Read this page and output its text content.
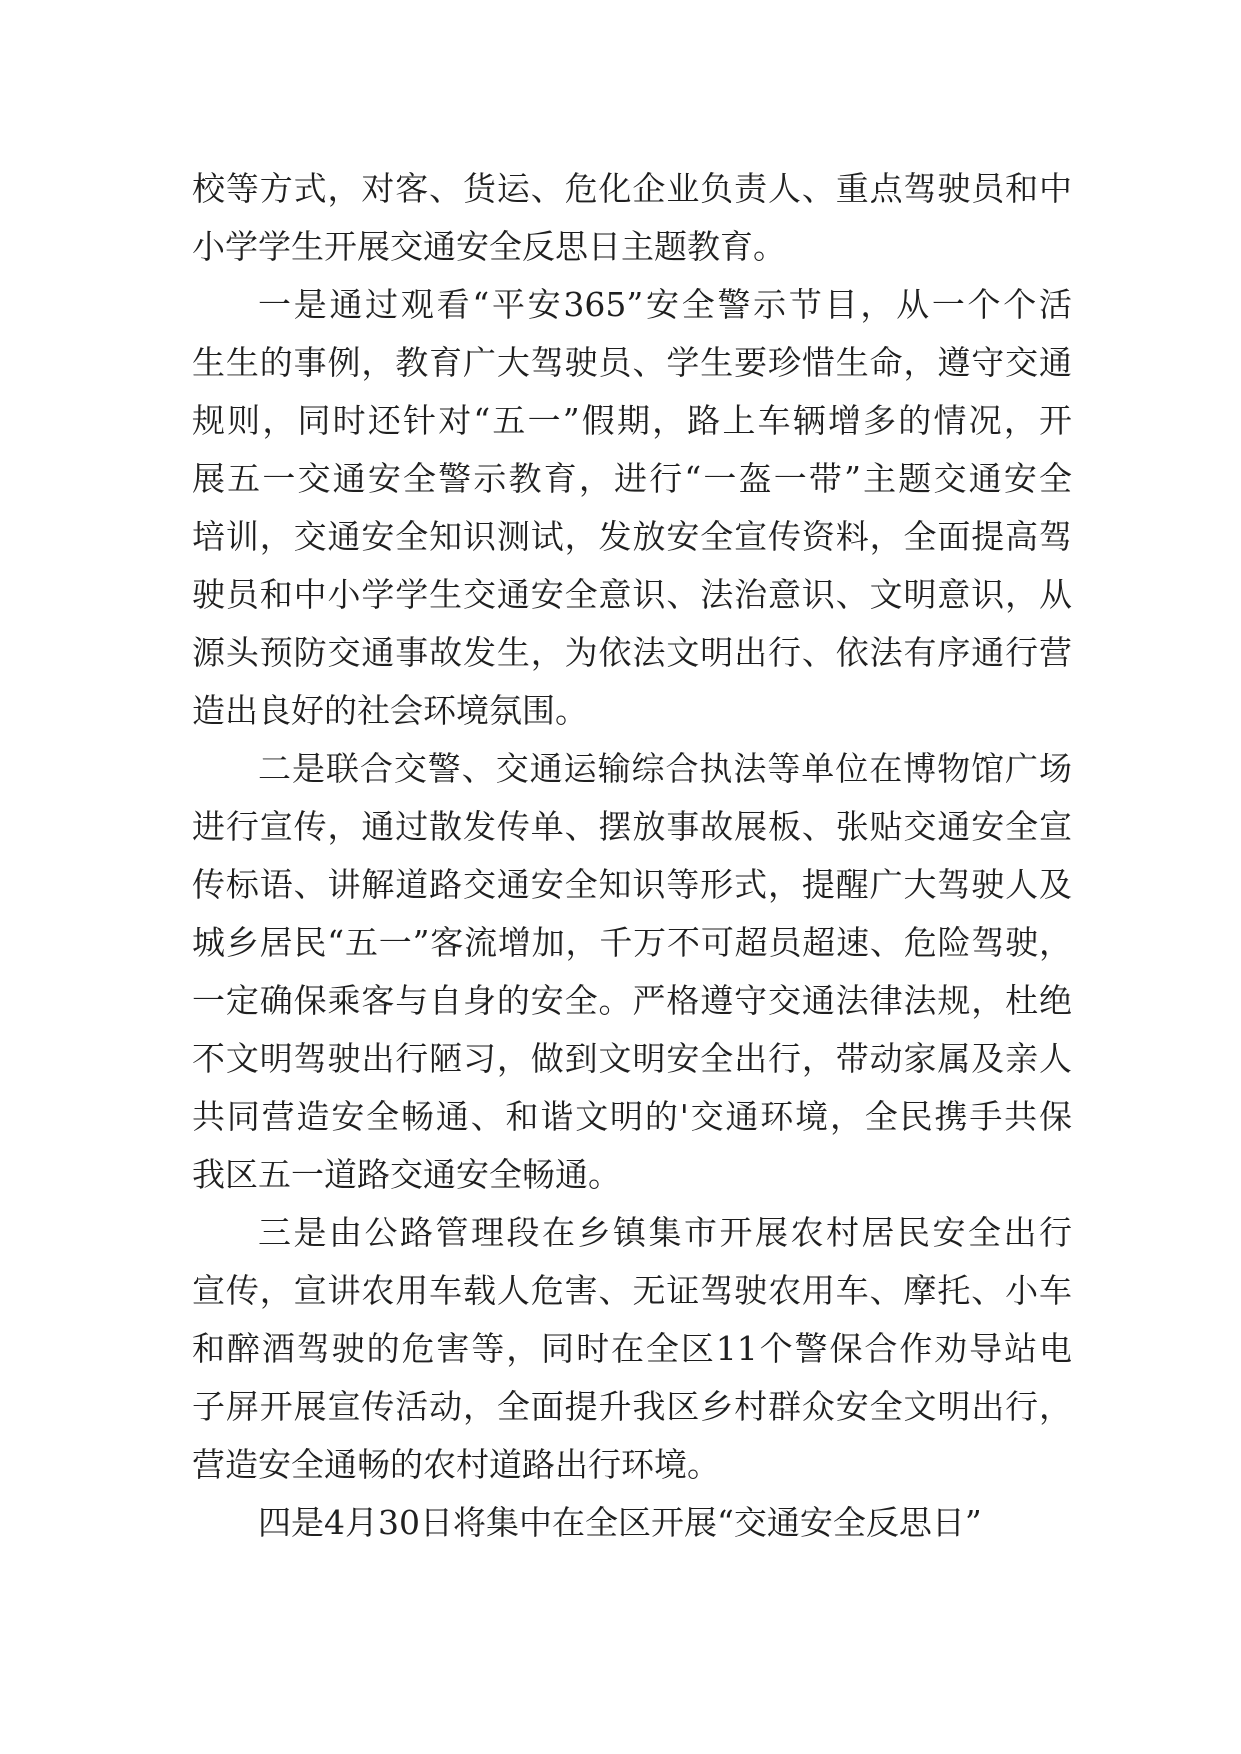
校等方式，对客、货运、危化企业负责人、重点驾驶员和中
小学学生开展交通安全反思日主题教育。
一是通过观看“平安365”安全警示节目，从一个个活
生生的事例，教育广大驾驶员、学生要珍惜生命，遵守交通
规则，同时还针对“五一”假期，路上车辆增多的情况，开
展五一交通安全警示教育，进行“一盔一带”主题交通安全
培训，交通安全知识测试，发放安全宣传资料，全面提高驾
驶员和中小学学生交通安全意识、法治意识、文明意识，从
源头预防交通事故发生，为依法文明出行、依法有序通行营
造出良好的社会环境氛围。
二是联合交警、交通运输综合执法等单位在博物馆广场
进行宣传，通过散发传单、摆放事故展板、张贴交通安全宣
传标语、讲解道路交通安全知识等形式，提醒广大驾驶人及
城乡居民“五一”客流增加，千万不可超员超速、危险驾驶，
一定确保乘客与自身的安全。严格遵守交通法律法规，杜绝
不文明驾驶出行陋习，做到文明安全出行，带动家属及亲人
共同营造安全畅通、和谐文明的'交通环境，全民携手共保
我区五一道路交通安全畅通。
三是由公路管理段在乡镇集市开展农村居民安全出行
宣传，宣讲农用车载人危害、无证驾驶农用车、摩托、小车
和醉酒驾驶的危害等，同时在全区11个警保合作劝导站电
子屏开展宣传活动，全面提升我区乡村群众安全文明出行，
营造安全通畅的农村道路出行环境。
四是4月30日将集中在全区开展“交通安全反思日”
